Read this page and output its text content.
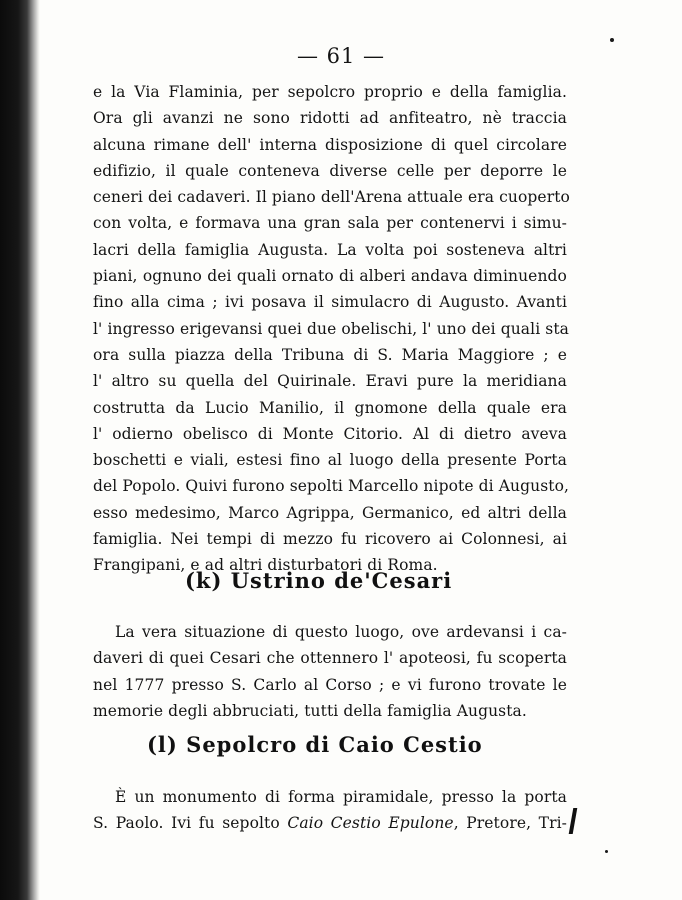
— 61 —

e la Via Flaminia, per sepolcro proprio e della famiglia.
Ora gli avanzi ne sono ridotti ad anfiteatro, nè traccia
alcuna rimane dell' interna disposizione di quel circolare
edifizio, il quale conteneva diverse celle per deporre le
ceneri dei cadaveri. Il piano dell'Arena attuale era cuoperto
con volta, e formava una gran sala per contenervi i simu-
lacri della famiglia Augusta. La volta poi sosteneva altri
piani, ognuno dei quali ornato di alberi andava diminuendo
fino alla cima ; ivi posava il simulacro di Augusto. Avanti
l' ingresso erigevansi quei due obelischi, l' uno dei quali sta
ora sulla piazza della Tribuna di S. Maria Maggiore ; e
l' altro su quella del Quirinale. Eravi pure la meridiana
costrutta da Lucio Manilio, il gnomone della quale era
l' odierno obelisco di Monte Citorio. Al di dietro aveva
boschetti e viali, estesi fino al luogo della presente Porta
del Popolo. Quivi furono sepolti Marcello nipote di Augusto,
esso medesimo, Marco Agrippa, Germanico, ed altri della
famiglia. Nei tempi di mezzo fu ricovero ai Colonnesi, ai
Frangipani, e ad altri disturbatori di Roma.
(k) Ustrino de'Cesari
La vera situazione di questo luogo, ove ardevansi i ca-
daveri di quei Cesari che ottennero l' apoteosi, fu scoperta
nel 1777 presso S. Carlo al Corso ; e vi furono trovate le
memorie degli abbruciati, tutti della famiglia Augusta.
(l) Sepolcro di Caio Cestio
È un monumento di forma piramidale, presso la porta
S. Paolo. Ivi fu sepolto Caio Cestio Epulone, Pretore, Tri-
